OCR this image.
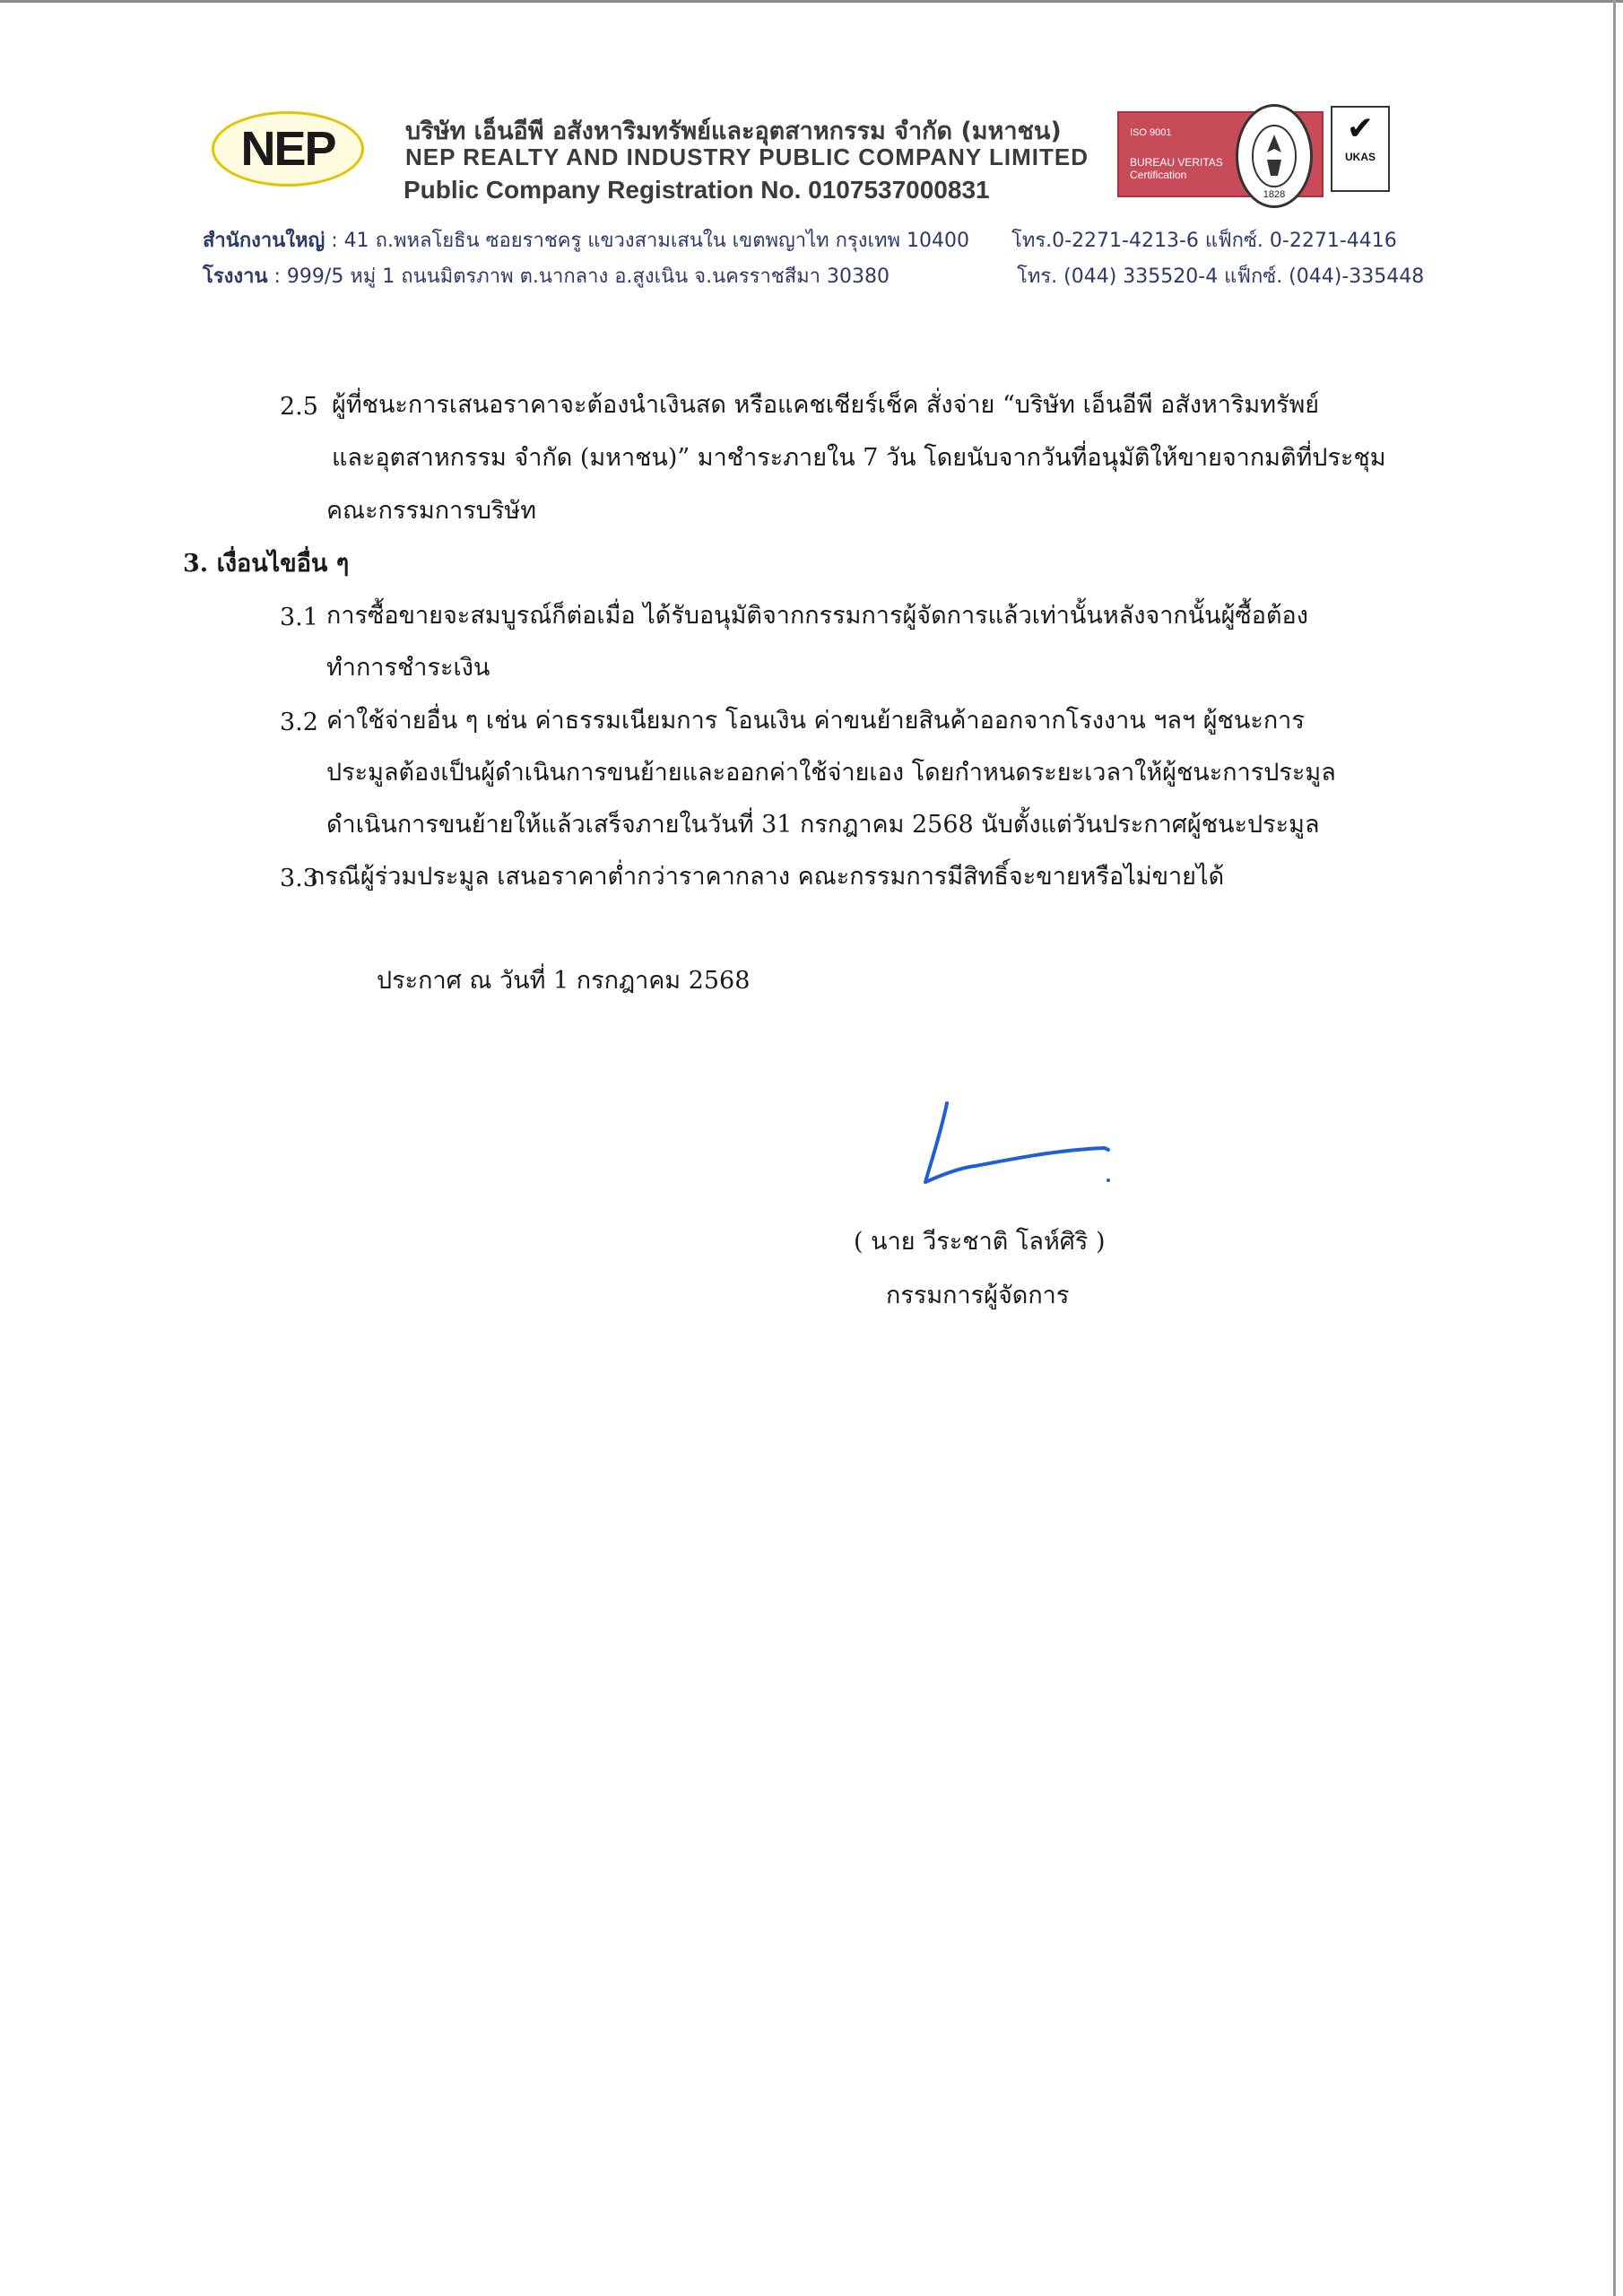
NEP	บริษัท เอ็นอีพี อสังหาริมทรัพย์และอุตสาหกรรม จำกัด (มหาชน)
NEP REALTY AND INDUSTRY PUBLIC COMPANY LIMITED
Public Company Registration No. 0107537000831
ISO 9001
BUREAU VERITAS
Certification
1828
✔
UKAS
สำนักงานใหญ่ : 41 ถ.พหลโยธิน ซอยราชครู แขวงสามเสนใน เขตพญาไท กรุงเทพ 10400 โทร.0-2271-4213-6 แฟ็กซ์. 0-2271-4416
โรงงาน : 999/5 หมู่ 1 ถนนมิตรภาพ ต.นากลาง อ.สูงเนิน จ.นครราชสีมา 30380	โทร. (044) 335520-4 แฟ็กซ์. (044)-335448
2.5 ผู้ที่ชนะการเสนอราคาจะต้องนำเงินสด หรือแคชเชียร์เช็ค สั่งจ่าย “บริษัท เอ็นอีพี อสังหาริมทรัพย์
และอุตสาหกรรม จำกัด (มหาชน)” มาชำระภายใน 7 วัน โดยนับจากวันที่อนุมัติให้ขายจากมติที่ประชุม
คณะกรรมการบริษัท
3. เงื่อนไขอื่น ๆ
3.1 การซื้อขายจะสมบูรณ์ก็ต่อเมื่อ ได้รับอนุมัติจากกรรมการผู้จัดการแล้วเท่านั้นหลังจากนั้นผู้ซื้อต้อง
ทำการชำระเงิน
3.2 ค่าใช้จ่ายอื่น ๆ เช่น ค่าธรรมเนียมการ โอนเงิน ค่าขนย้ายสินค้าออกจากโรงงาน ฯลฯ ผู้ชนะการ
ประมูลต้องเป็นผู้ดำเนินการขนย้ายและออกค่าใช้จ่ายเอง โดยกำหนดระยะเวลาให้ผู้ชนะการประมูล
ดำเนินการขนย้ายให้แล้วเสร็จภายในวันที่ 31 กรกฎาคม 2568 นับตั้งแต่วันประกาศผู้ชนะประมูล
3.3
กรณีผู้ร่วมประมูล เสนอราคาต่ำกว่าราคากลาง คณะกรรมการมีสิทธิ์จะขายหรือไม่ขายได้
ประกาศ ณ วันที่ 1 กรกฎาคม 2568
( นาย วีระชาติ โลห์ศิริ )
กรรมการผู้จัดการ
